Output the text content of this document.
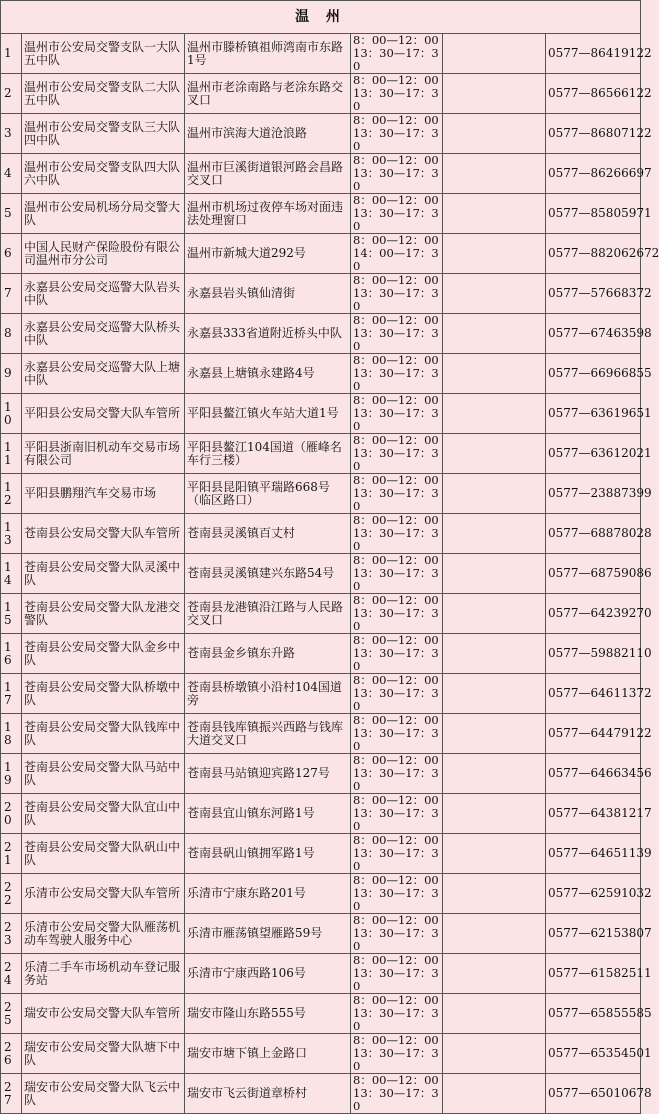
温 州					
1	温州市公安局交警支队一大队五中队	温州市滕桥镇祖师湾南市东路1号	8：00—12：00 13：30—17：30		0577—86419122
2	温州市公安局交警支队二大队五中队	温州市老涂南路与老涂东路交叉口	8：00—12：00 13：30—17：30		0577—86566122
3	温州市公安局交警支队三大队四中队	温州市滨海大道沧浪路	8：00—12：00 13：30—17：30		0577—86807122
4	温州市公安局交警支队四大队六中队	温州市巨溪街道银河路会昌路交叉口	8：00—12：00 13：30—17：30		0577—86266697
5	温州市公安局机场分局交警大队	温州市机场过夜停车场对面违法处理窗口	8：00—12：00 13：30—17：30		0577—85805971
6	中国人民财产保险股份有限公司温州市分公司	温州市新城大道292号	8：00—12：00 14：00—17：30		0577—882062672
7	永嘉县公安局交巡警大队岩头中队	永嘉县岩头镇仙清街	8：00—12：00 13：30—17：30		0577—57668372
8	永嘉县公安局交巡警大队桥头中队	永嘉县333省道附近桥头中队	8：00—12：00 13：30—17：30		0577—67463598
9	永嘉县公安局交巡警大队上塘中队	永嘉县上塘镇永建路4号	8：00—12：00 13：30—17：30		0577—66966855
10	平阳县公安局交警大队车管所	平阳县鳌江镇火车站大道1号	8：00—12：00 13：30—17：30		0577—63619651
11	平阳县浙南旧机动车交易市场有限公司	平阳县鳌江104国道（雁峰名车行三楼）	8：00—12：00 13：30—17：30		0577—63612021
12	平阳县鹏翔汽车交易市场	平阳县昆阳镇平瑞路668号（临区路口）	8：00—12：00 13：30—17：30		0577—23887399
13	苍南县公安局交警大队车管所	苍南县灵溪镇百丈村	8：00—12：00 13：30—17：30		0577—68878028
14	苍南县公安局交警大队灵溪中队	苍南县灵溪镇建兴东路54号	8：00—12：00 13：30—17：30		0577—68759086
15	苍南县公安局交警大队龙港交警队	苍南县龙港镇沿江路与人民路交叉口	8：00—12：00 13：30—17：30		0577—64239270
16	苍南县公安局交警大队金乡中队	苍南县金乡镇东升路	8：00—12：00 13：30—17：30		0577—59882110
17	苍南县公安局交警大队桥墩中队	苍南县桥墩镇小沿村104国道旁	8：00—12：00 13：30—17：30		0577—64611372
18	苍南县公安局交警大队钱库中队	苍南县钱库镇振兴西路与钱库大道交叉口	8：00—12：00 13：30—17：30		0577—64479122
19	苍南县公安局交警大队马站中队	苍南县马站镇迎宾路127号	8：00—12：00 13：30—17：30		0577—64663456
20	苍南县公安局交警大队宜山中队	苍南县宜山镇东河路1号	8：00—12：00 13：30—17：30		0577—64381217
21	苍南县公安局交警大队矾山中队	苍南县矾山镇拥军路1号	8：00—12：00 13：30—17：30		0577—64651139
22	乐清市公安局交警大队车管所	乐清市宁康东路201号	8：00—12：00 13：30—17：30		0577—62591032
23	乐清市公安局交警大队雁荡机动车驾驶人服务中心	乐清市雁荡镇望雁路59号	8：00—12：00 13：30—17：30		0577—62153807
24	乐清二手车市场机动车登记服务站	乐清市宁康西路106号	8：00—12：00 13：30—17：30		0577—61582511
25	瑞安市公安局交警大队车管所	瑞安市隆山东路555号	8：00—12：00 13：30—17：30		0577—65855585
26	瑞安市公安局交警大队塘下中队	瑞安市塘下镇上金路口	8：00—12：00 13：30—17：30		0577—65354501
27	瑞安市公安局交警大队飞云中队	瑞安市飞云街道章桥村	8：00—12：00 13：30—17：30		0577—65010678
